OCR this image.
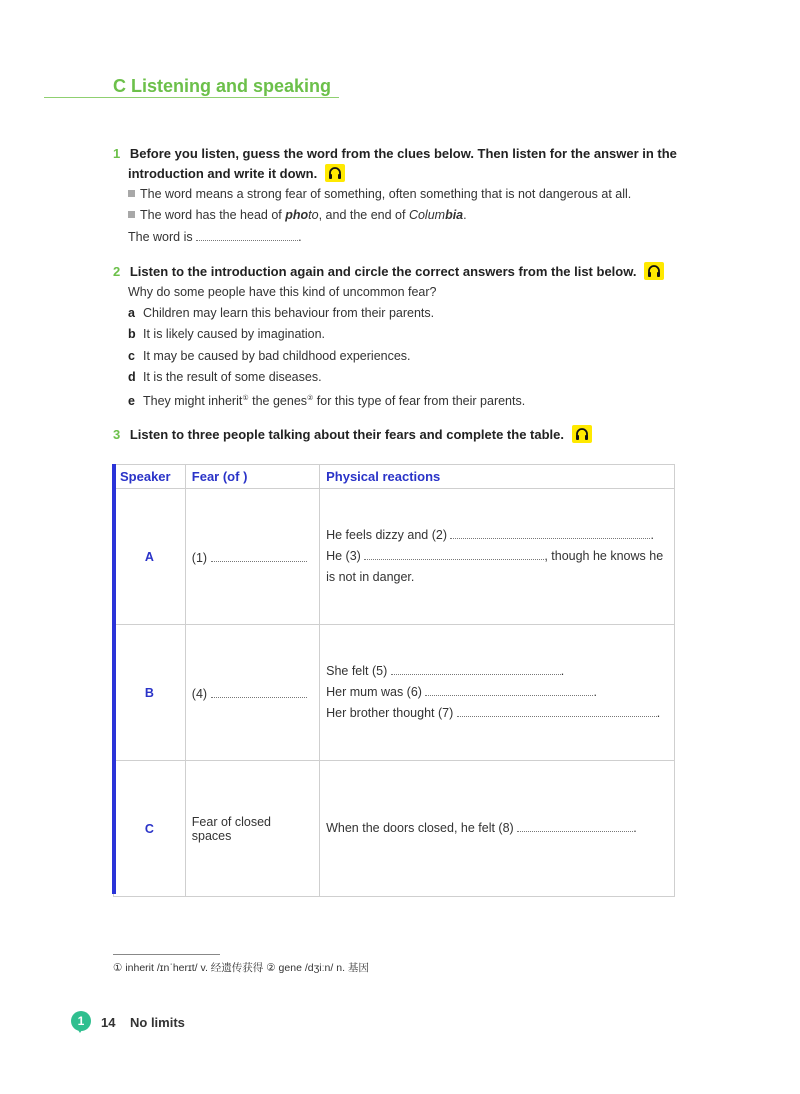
C Listening and speaking
1 Before you listen, guess the word from the clues below. Then listen for the answer in the
introduction and write it down.
The word means a strong fear of something, often something that is not dangerous at all.
The word has the head of photo, and the end of Columbia.
The word is	.
2 Listen to the introduction again and circle the correct answers from the list below.
Why do some people have this kind of uncommon fear?
a Children may learn this behaviour from their parents.
b It is likely caused by imagination.
c It may be caused by bad childhood experiences.
d It is the result of some diseases.
e They might inherit① the genes② for this type of fear from their parents.
3 Listen to three people talking about their fears and complete the table.
Speaker	Fear (of )	Physical reactions
A	(1)	He feels dizzy and (2) .
He (3) , though he knows he
is not in danger.

B	(4)	She felt (5) .
Her mum was (6) .
Her brother thought (7) .

C	Fear of closed spaces	When the doors closed, he felt (8) .
① inherit /ɪnˈherɪt/ v. 经遗传获得 ② gene /dʒiːn/ n. 基因
1	14 No limits
